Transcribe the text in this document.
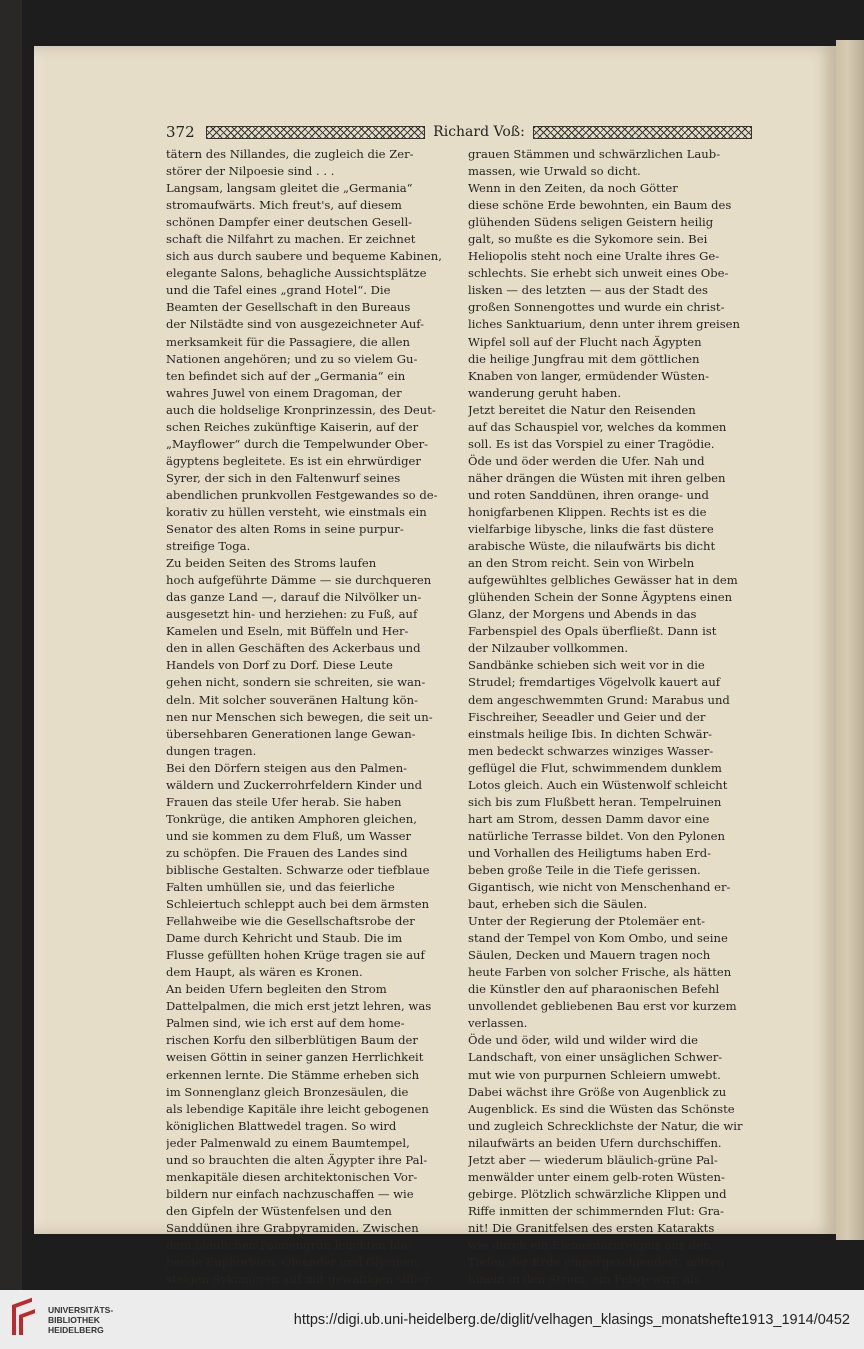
372	Richard Voß:
tätern des Nillandes, die zugleich die Zer-
störer der Nilpoesie sind . . .
Langsam, langsam gleitet die „Germania“
stromaufwärts. Mich freut's, auf diesem
schönen Dampfer einer deutschen Gesell-
schaft die Nilfahrt zu machen. Er zeichnet
sich aus durch saubere und bequeme Kabinen,
elegante Salons, behagliche Aussichtsplätze
und die Tafel eines „grand Hotel“. Die
Beamten der Gesellschaft in den Bureaus
der Nilstädte sind von ausgezeichneter Auf-
merksamkeit für die Passagiere, die allen
Nationen angehören; und zu so vielem Gu-
ten befindet sich auf der „Germania“ ein
wahres Juwel von einem Dragoman, der
auch die holdselige Kronprinzessin, des Deut-
schen Reiches zukünftige Kaiserin, auf der
„Mayflower“ durch die Tempelwunder Ober-
ägyptens begleitete. Es ist ein ehrwürdiger
Syrer, der sich in den Faltenwurf seines
abendlichen prunkvollen Festgewandes so de-
korativ zu hüllen versteht, wie einstmals ein
Senator des alten Roms in seine purpur-
streifige Toga.
Zu beiden Seiten des Stroms laufen
hoch aufgeführte Dämme — sie durchqueren
das ganze Land —, darauf die Nilvölker un-
ausgesetzt hin- und herziehen: zu Fuß, auf
Kamelen und Eseln, mit Büffeln und Her-
den in allen Geschäften des Ackerbaus und
Handels von Dorf zu Dorf. Diese Leute
gehen nicht, sondern sie schreiten, sie wan-
deln. Mit solcher souveränen Haltung kön-
nen nur Menschen sich bewegen, die seit un-
übersehbaren Generationen lange Gewan-
dungen tragen.
Bei den Dörfern steigen aus den Palmen-
wäldern und Zuckerrohrfeldern Kinder und
Frauen das steile Ufer herab. Sie haben
Tonkrüge, die antiken Amphoren gleichen,
und sie kommen zu dem Fluß, um Wasser
zu schöpfen. Die Frauen des Landes sind
biblische Gestalten. Schwarze oder tiefblaue
Falten umhüllen sie, und das feierliche
Schleiertuch schleppt auch bei dem ärmsten
Fellahweibe wie die Gesellschaftsrobe der
Dame durch Kehricht und Staub. Die im
Flusse gefüllten hohen Krüge tragen sie auf
dem Haupt, als wären es Kronen.
An beiden Ufern begleiten den Strom
Dattelpalmen, die mich erst jetzt lehren, was
Palmen sind, wie ich erst auf dem home-
rischen Korfu den silberblütigen Baum der
weisen Göttin in seiner ganzen Herrlichkeit
erkennen lernte. Die Stämme erheben sich
im Sonnenglanz gleich Bronzesäulen, die
als lebendige Kapitäle ihre leicht gebogenen
königlichen Blattwedel tragen. So wird
jeder Palmenwald zu einem Baumtempel,
und so brauchten die alten Ägypter ihre Pal-
menkapitäle diesen architektonischen Vor-
bildern nur einfach nachzuschaffen — wie
den Gipfeln der Wüstenfelsen und den
Sanddünen ihre Grabpyramiden. Zwischen
dem bläulichen Palmengrün leuchten blü-
hende Euphorbien, Oleander und Glycinen,
steigen Sykomoren auf mit gewaltigen silber-
grauen Stämmen und schwärzlichen Laub-
massen, wie Urwald so dicht.
Wenn in den Zeiten, da noch Götter
diese schöne Erde bewohnten, ein Baum des
glühenden Südens seligen Geistern heilig
galt, so mußte es die Sykomore sein. Bei
Heliopolis steht noch eine Uralte ihres Ge-
schlechts. Sie erhebt sich unweit eines Obe-
lisken — des letzten — aus der Stadt des
großen Sonnengottes und wurde ein christ-
liches Sanktuarium, denn unter ihrem greisen
Wipfel soll auf der Flucht nach Ägypten
die heilige Jungfrau mit dem göttlichen
Knaben von langer, ermüdender Wüsten-
wanderung geruht haben.
Jetzt bereitet die Natur den Reisenden
auf das Schauspiel vor, welches da kommen
soll. Es ist das Vorspiel zu einer Tragödie.
Öde und öder werden die Ufer. Nah und
näher drängen die Wüsten mit ihren gelben
und roten Sanddünen, ihren orange- und
honigfarbenen Klippen. Rechts ist es die
vielfarbige libysche, links die fast düstere
arabische Wüste, die nilaufwärts bis dicht
an den Strom reicht. Sein von Wirbeln
aufgewühltes gelbliches Gewässer hat in dem
glühenden Schein der Sonne Ägyptens einen
Glanz, der Morgens und Abends in das
Farbenspiel des Opals überfließt. Dann ist
der Nilzauber vollkommen.
Sandbänke schieben sich weit vor in die
Strudel; fremdartiges Vögelvolk kauert auf
dem angeschwemmten Grund: Marabus und
Fischreiher, Seeadler und Geier und der
einstmals heilige Ibis. In dichten Schwär-
men bedeckt schwarzes winziges Wasser-
geflügel die Flut, schwimmendem dunklem
Lotos gleich. Auch ein Wüstenwolf schleicht
sich bis zum Flußbett heran. Tempelruinen
hart am Strom, dessen Damm davor eine
natürliche Terrasse bildet. Von den Pylonen
und Vorhallen des Heiligtums haben Erd-
beben große Teile in die Tiefe gerissen.
Gigantisch, wie nicht von Menschenhand er-
baut, erheben sich die Säulen.
Unter der Regierung der Ptolemäer ent-
stand der Tempel von Kom Ombo, und seine
Säulen, Decken und Mauern tragen noch
heute Farben von solcher Frische, als hätten
die Künstler den auf pharaonischen Befehl
unvollendet gebliebenen Bau erst vor kurzem
verlassen.
Öde und öder, wild und wilder wird die
Landschaft, von einer unsäglichen Schwer-
mut wie von purpurnen Schleiern umwebt.
Dabei wächst ihre Größe von Augenblick zu
Augenblick. Es sind die Wüsten das Schönste
und zugleich Schrecklichste der Natur, die wir
nilaufwärts an beiden Ufern durchschiffen.
Jetzt aber — wiederum bläulich-grüne Pal-
menwälder unter einem gelb-roten Wüsten-
gebirge. Plötzlich schwärzliche Klippen und
Riffe inmitten der schimmernden Flut: Gra-
nit! Die Granitfelsen des ersten Katarakts
wie durch ein Elementarereignis aus den
Tiefen der Erde emporgeschleudert, mitten
hinein in den Strom; ein Felsgewirr, als
UNIVERSITÄTS-
BIBLIOTHEK
HEIDELBERG
https://digi.ub.uni-heidelberg.de/diglit/velhagen_klasings_monatshefte1913_1914/0452
